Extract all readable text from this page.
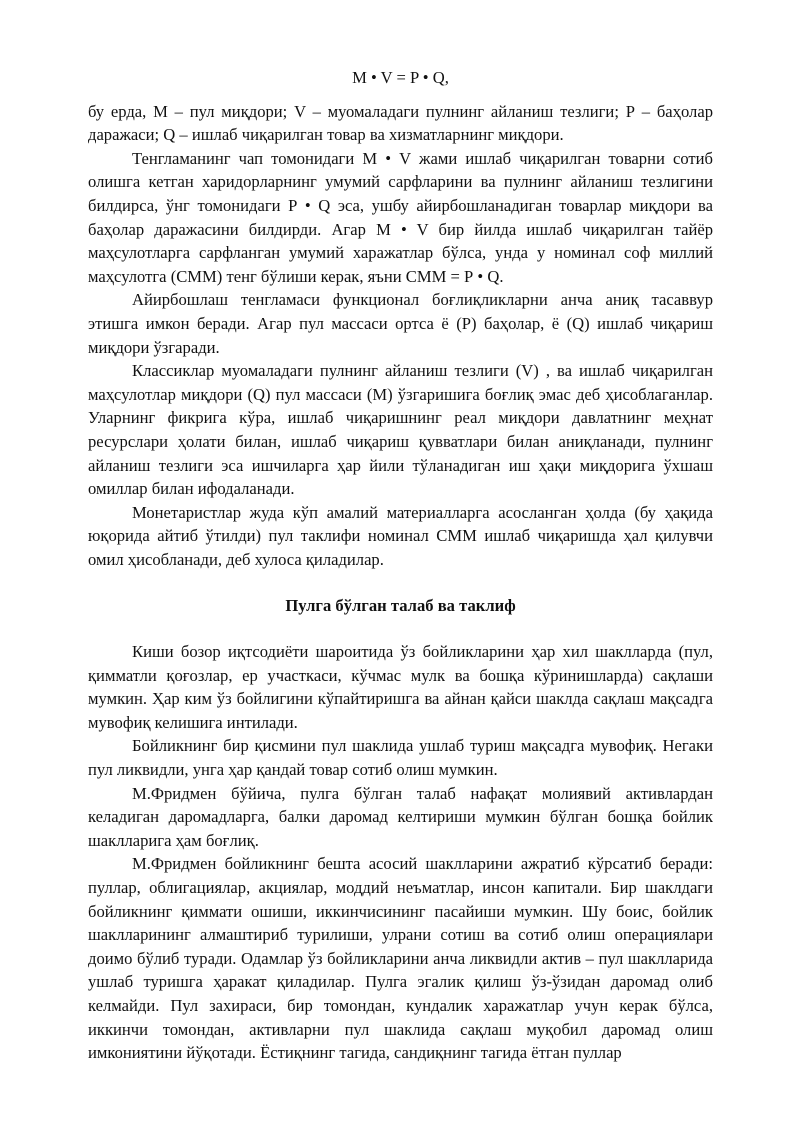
M • V = P • Q,

бу ерда, M – пул миқдори; V – муомаладаги пулнинг айланиш тезлиги; Р – баҳолар даражаси; Q – ишлаб чиқарилган товар ва хизматларнинг миқдори.

Тенгламанинг чап томонидаги М • V жами ишлаб чиқарилган товарни сотиб олишга кетган харидорларнинг умумий сарфларини ва пулнинг айланиш тезлигини билдирса, ўнг томонидаги Р • Q эса, ушбу айирбошланадиган товарлар миқдори ва баҳолар даражасини билдирди. Агар M • V бир йилда ишлаб чиқарилган тайёр маҳсулотларга сарфланган умумий харажатлар бўлса, унда у номинал соф миллий маҳсулотга (СММ) тенг бўлиши керак, яъни СММ = Р • Q.

Айирбошлаш тенгламаси функционал боғлиқликларни анча аниқ тасаввур этишга имкон беради. Агар пул массаси ортса ё (Р) баҳолар, ё (Q) ишлаб чиқариш миқдори ўзгаради.

Классиклар муомаладаги пулнинг айланиш тезлиги (V) , ва ишлаб чиқарилган маҳсулотлар миқдори (Q) пул массаси (M) ўзгаришига боғлиқ эмас деб ҳисоблаганлар. Уларнинг фикрига кўра, ишлаб чиқаришнинг реал миқдори давлатнинг меҳнат ресурслари ҳолати билан, ишлаб чиқариш қувватлари билан аниқланади, пулнинг айланиш тезлиги эса ишчиларга ҳар йили тўланадиган иш ҳақи миқдорига ўхшаш омиллар билан ифодаланади.

Монетаристлар жуда кўп амалий материалларга асосланган ҳолда (бу ҳақида юқорида айтиб ўтилди) пул таклифи номинал СММ ишлаб чиқаришда ҳал қилувчи омил ҳисобланади, деб хулоса қиладилар.

Пулга бўлган талаб ва таклиф

Киши бозор иқтсодиёти шароитида ўз бойликларини ҳар хил шаклларда (пул, қимматли қоғозлар, ер участкаси, кўчмас мулк ва бошқа кўринишларда) сақлаши мумкин. Ҳар ким ўз бойлигини кўпайтиришга ва айнан қайси шаклда сақлаш мақсадга мувофиқ келишига интилади.

Бойликнинг бир қисмини пул шаклида ушлаб туриш мақсадга мувофиқ. Негаки пул ликвидли, унга ҳар қандай товар сотиб олиш мумкин.

М.Фридмен бўйича, пулга бўлган талаб нафақат молиявий активлардан келадиган даромадларга, балки даромад келтириши мумкин бўлган бошқа бойлик шаклларига ҳам боғлиқ.

М.Фридмен бойликнинг бешта асосий шаклларини ажратиб кўрсатиб беради: пуллар, облигациялар, акциялар, моддий неъматлар, инсон капитали. Бир шаклдаги бойликнинг қиммати ошиши, иккинчисининг пасайиши мумкин. Шу боис, бойлик шаклларининг алмаштириб турилиши, улрани сотиш ва сотиб олиш операциялари доимо бўлиб туради. Одамлар ўз бойликларини анча ликвидли актив – пул шаклларида ушлаб туришга ҳаракат қиладилар. Пулга эгалик қилиш ўз-ўзидан даромад олиб келмайди. Пул захираси, бир томондан, кундалик харажатлар учун керак бўлса, иккинчи томондан, активларни пул шаклида сақлаш муқобил даромад олиш имкониятини йўқотади. Ёстиқнинг тагида, сандиқнинг тагида ётган пуллар
